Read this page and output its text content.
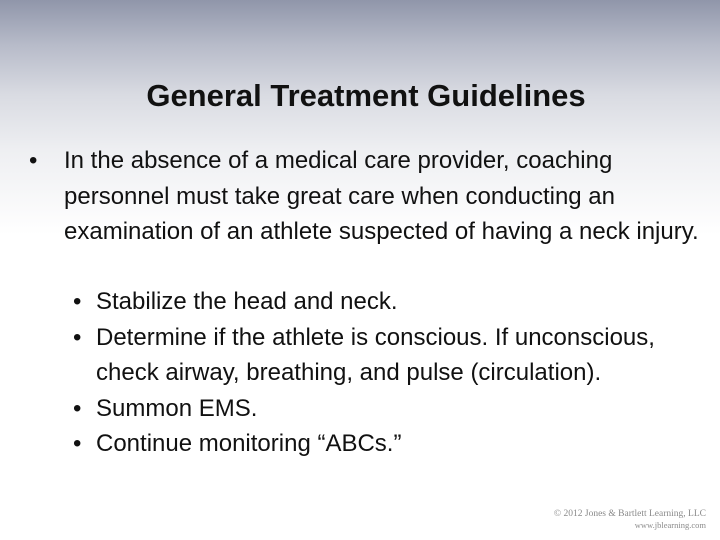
General Treatment Guidelines
• In the absence of a medical care provider, coaching personnel must take great care when conducting an examination of an athlete suspected of having a neck injury.
• Stabilize the head and neck.
• Determine if the athlete is conscious. If unconscious, check airway, breathing, and pulse (circulation).
• Summon EMS.
• Continue monitoring “ABCs.”
© 2012 Jones & Bartlett Learning, LLC
www.jblearning.com
